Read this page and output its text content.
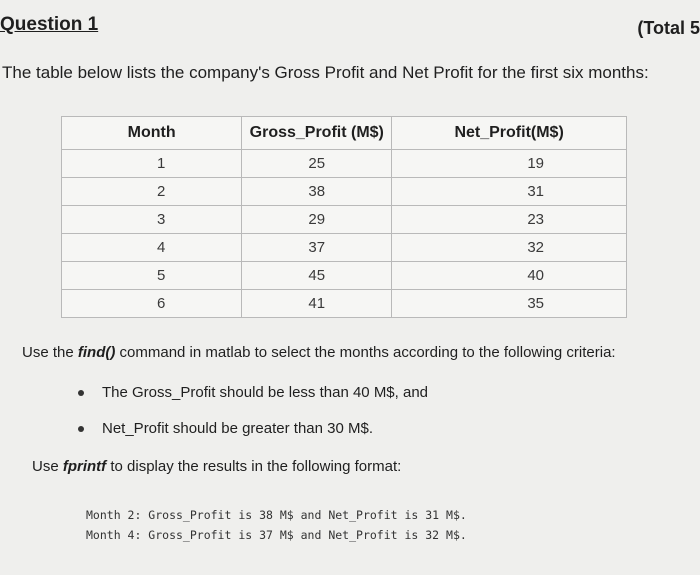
Question 1	(Total 5
The table below lists the company's Gross Profit and Net Profit for the first six months:
Month	Gross_Profit (M$)	Net_Profit(M$)
1	25	19
2	38	31
3	29	23
4	37	32
5	45	40
6	41	35
Use the find() command in matlab to select the months according to the following criteria:
The Gross_Profit should be less than 40 M$, and
Net_Profit should be greater than 30 M$.
Use fprintf to display the results in the following format:
Month 2: Gross_Profit is 38 M$ and Net_Profit is 31 M$.
Month 4: Gross_Profit is 37 M$ and Net_Profit is 32 M$.
